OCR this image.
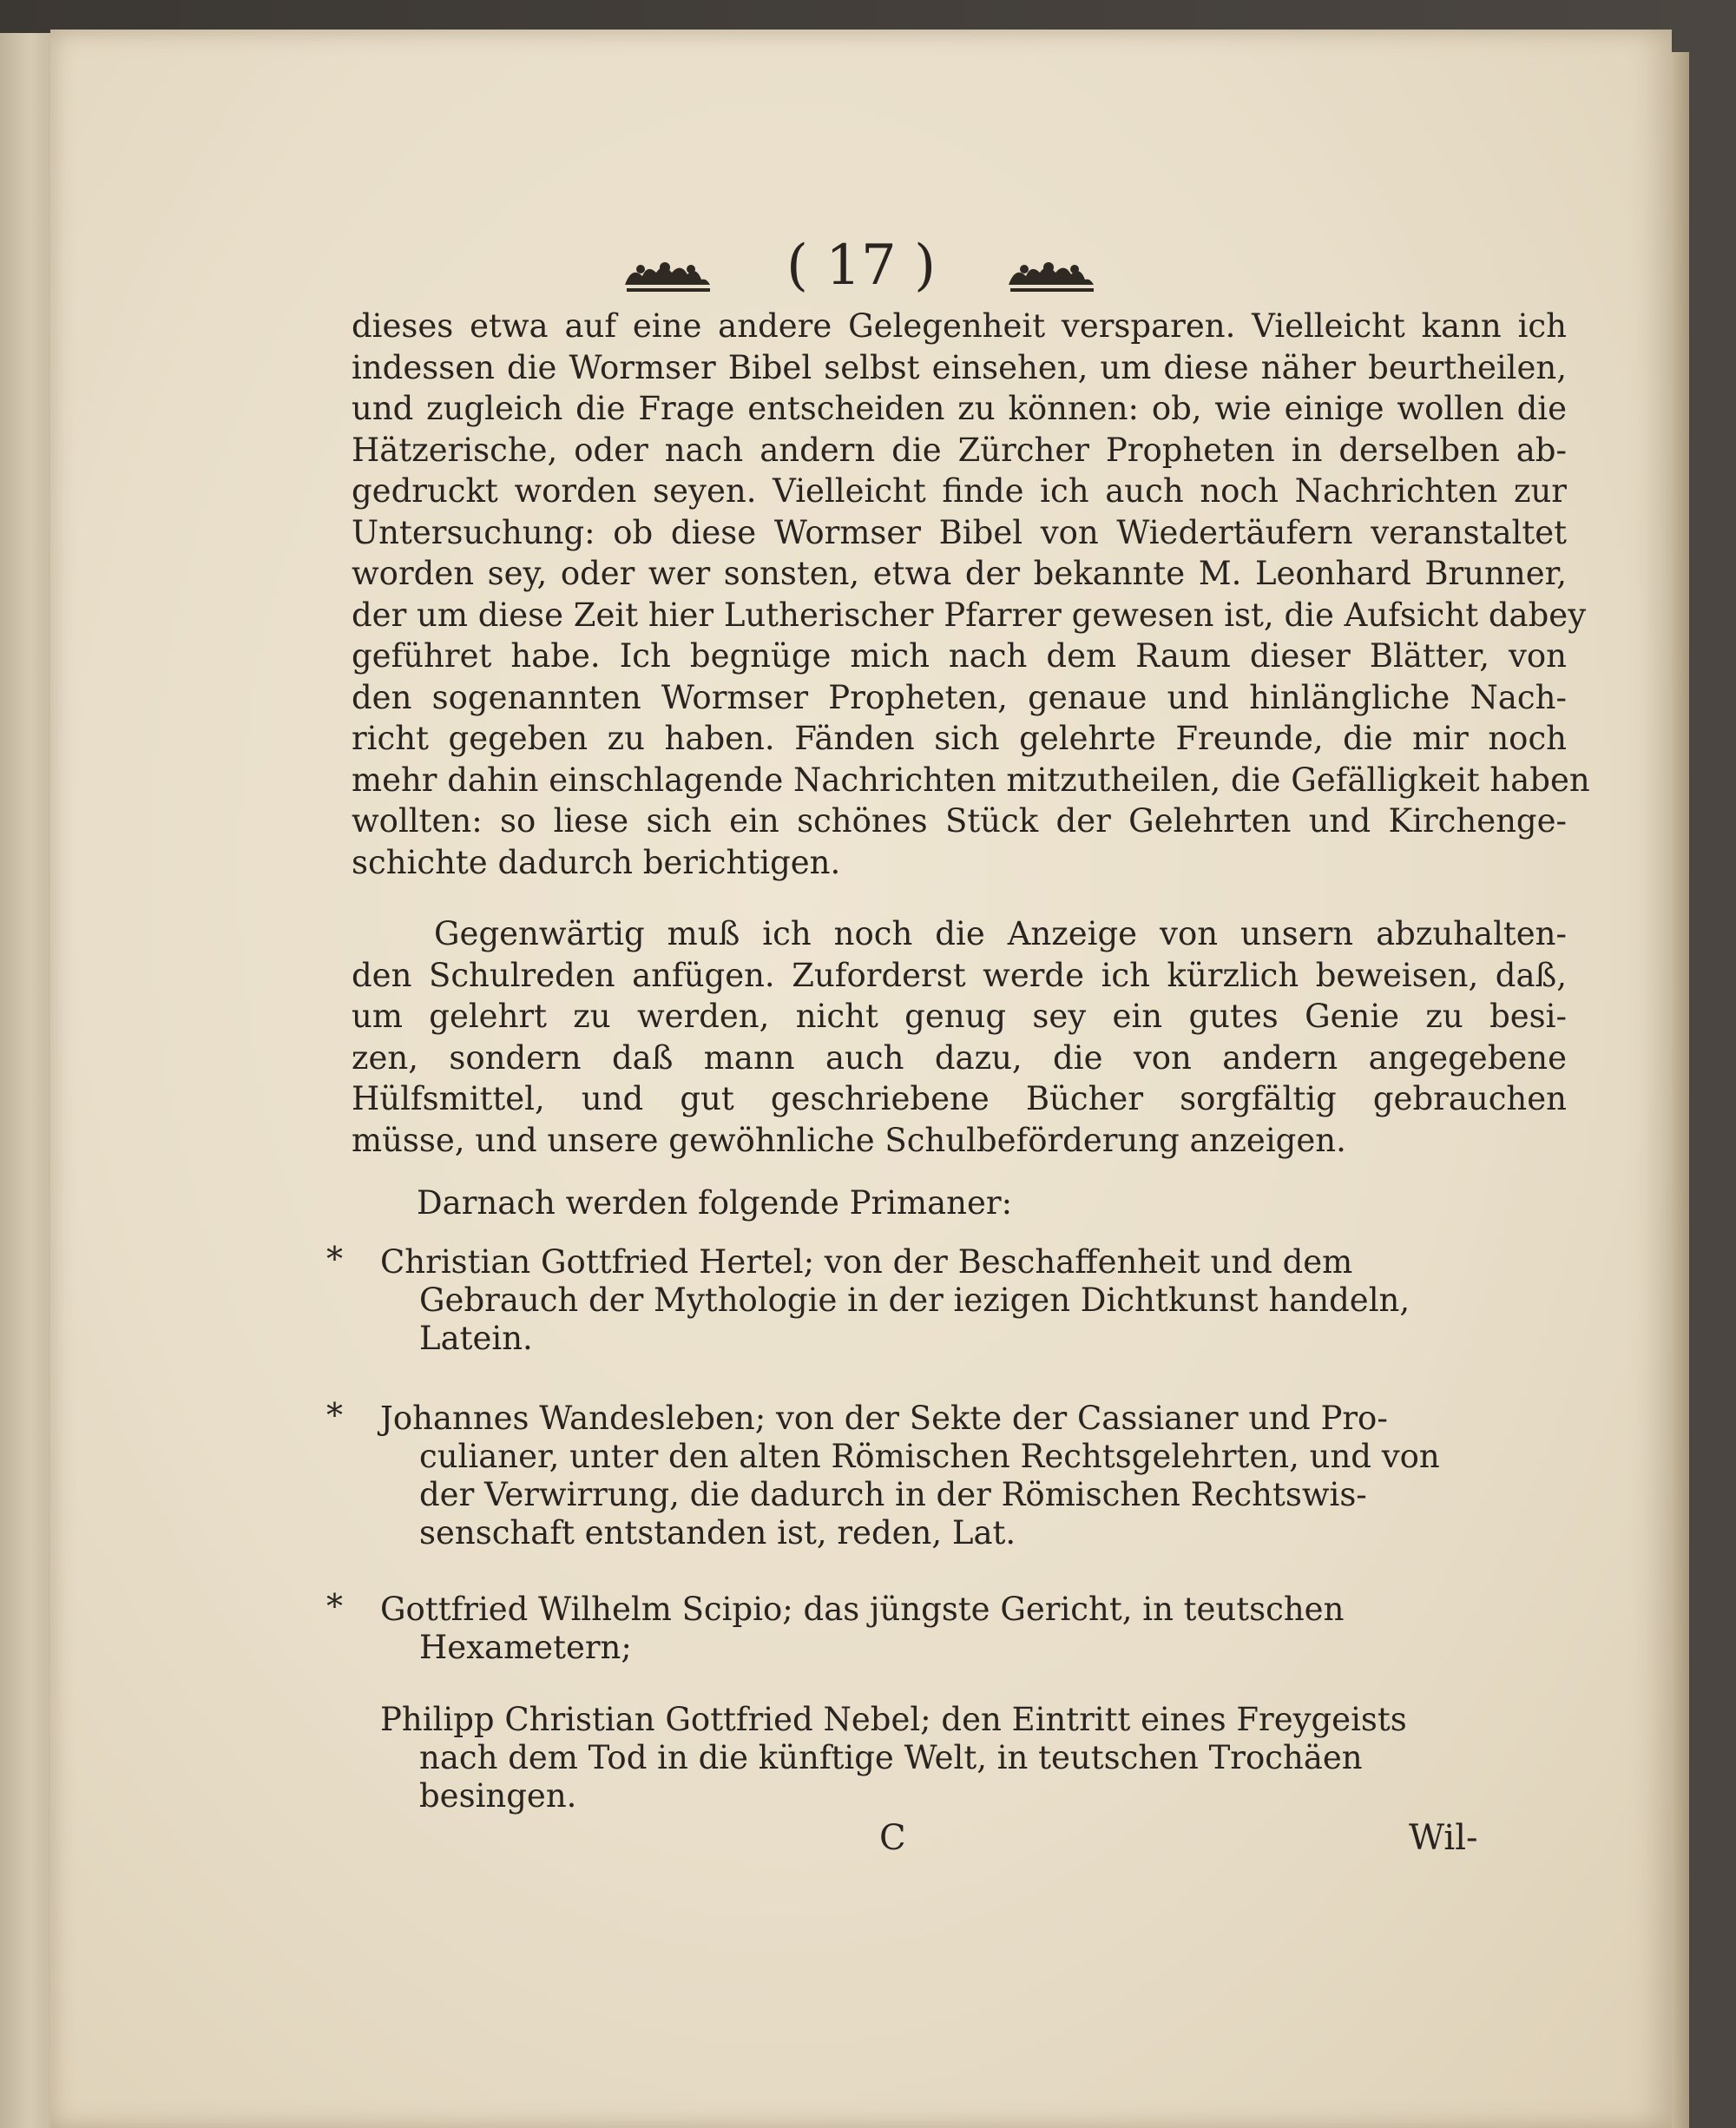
( 17 )
dieses etwa auf eine andere Gelegenheit versparen. Vielleicht kann ich
indessen die Wormser Bibel selbst einsehen, um diese näher beurtheilen,
und zugleich die Frage entscheiden zu können: ob, wie einige wollen die
Hätzerische, oder nach andern die Zürcher Propheten in derselben ab-
gedruckt worden seyen. Vielleicht finde ich auch noch Nachrichten zur
Untersuchung: ob diese Wormser Bibel von Wiedertäufern veranstaltet
worden sey, oder wer sonsten, etwa der bekannte M. Leonhard Brunner,
der um diese Zeit hier Lutherischer Pfarrer gewesen ist, die Aufsicht dabey
geführet habe. Ich begnüge mich nach dem Raum dieser Blätter, von
den sogenannten Wormser Propheten, genaue und hinlängliche Nach-
richt gegeben zu haben. Fänden sich gelehrte Freunde, die mir noch
mehr dahin einschlagende Nachrichten mitzutheilen, die Gefälligkeit haben
wollten: so liese sich ein schönes Stück der Gelehrten und Kirchenge-
schichte dadurch berichtigen.
Gegenwärtig muß ich noch die Anzeige von unsern abzuhalten-
den Schulreden anfügen. Zuforderst werde ich kürzlich beweisen, daß,
um gelehrt zu werden, nicht genug sey ein gutes Genie zu besi-
zen, sondern daß mann auch dazu, die von andern angegebene
Hülfsmittel, und gut geschriebene Bücher sorgfältig gebrauchen
müsse, und unsere gewöhnliche Schulbeförderung anzeigen.
Darnach werden folgende Primaner:
*	Christian Gottfried Hertel; von der Beschaffenheit und dem
Gebrauch der Mythologie in der iezigen Dichtkunst handeln,
Latein.
*	Johannes Wandesleben; von der Sekte der Cassianer und Pro-
culianer, unter den alten Römischen Rechtsgelehrten, und von
der Verwirrung, die dadurch in der Römischen Rechtswis-
senschaft entstanden ist, reden, Lat.
*	Gottfried Wilhelm Scipio; das jüngste Gericht, in teutschen
Hexametern;
Philipp Christian Gottfried Nebel; den Eintritt eines Freygeists
nach dem Tod in die künftige Welt, in teutschen Trochäen
besingen.
C	Wil-
